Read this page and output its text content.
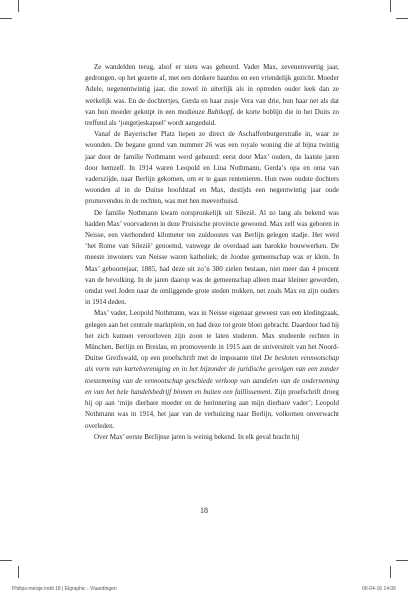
Ze wandelden terug, alsof er niets was gebeurd. Vader Max, zevenenveertig jaar, gedrongen, op het gezette af, met een donkere haardos en een vriendelijk gezicht. Moeder Adele, negenentwintig jaar, die zowel in uiterlijk als in optreden ouder leek dan ze werkelijk was. En de dochtertjes, Gerda en haar zusje Vera van drie, hun haar net als dat van hun moeder geknipt in een modieuze Bubikopf, de korte boblijn die in het Duits zo treffend als ‘jongetjeskapsel’ wordt aangeduid.

Vanaf de Bayerischer Platz liepen ze direct de Aschaffenburgerstraße in, waar ze woonden. De begane grond van nummer 26 was een royale woning die al bijna twintig jaar door de familie Nothmann werd gehuurd: eerst door Max’ ouders, de laatste jaren door hemzelf. In 1914 waren Leopold en Lina Nothmann, Gerda’s opa en oma van vaderszijde, naar Berlijn gekomen, om er te gaan rentenieren. Hun twee oudste dochters woonden al in de Duitse hoofdstad en Max, destijds een negentwintig jaar oude promovendus in de rechten, was met hen meeverhuisd.

De familie Nothmann kwam oorspronkelijk uit Silezië. Al zo lang als bekend was hadden Max’ voorvaderen in deze Pruisische provincie gewoond. Max zelf was geboren in Neisse, een vierhonderd kilometer ten zuidoosten van Berlijn gelegen stadje. Het werd ‘het Rome van Silezië’ genoemd, vanwege de overdaad aan barokke bouwwerken. De meeste inwoners van Neisse waren katholiek; de Joodse gemeenschap was er klein. In Max’ geboortejaar, 1885, had deze uit zo’n 380 zielen bestaan, niet meer dan 4 procent van de bevolking. In de jaren daarop was de gemeenschap alleen maar kleiner geworden, omdat veel Joden naar de omliggende grote steden trokken, net zoals Max en zijn ouders in 1914 deden.

Max’ vader, Leopold Nothmann, was in Neisse eigenaar geweest van een kledingzaak, gelegen aan het centrale marktplein, en had deze tot grote bloei gebracht. Daardoor had hij het zich kunnen veroorloven zijn zoon te laten studeren. Max studeerde rechten in München, Berlijn en Breslau, en promoveerde in 1915 aan de universiteit van het Noord-Duitse Greifswald, op een proefschrift met de imposante titel De besloten vennootschap als vorm van kartelvereniging en in het bijzonder de juridische gevolgen van een zonder toestemming van de vennootschap geschiede verkoop van aandelen van de onderneming en van het hele handelsbedrijf binnen en buiten een faillissement. Zijn proefschrift droeg hij op aan ‘mijn dierbare moeder en de herinnering aan mijn dierbare vader’; Leopold Nothmann was in 1914, het jaar van de verhuizing naar Berlijn, volkomen onverwacht overleden.

Over Max’ eerste Berlijnse jaren is weinig bekend. In elk geval bracht hij

18
Philips-meisje.indd 18 | Elgraphic - Vlaardingen	06-04-16 14:06
